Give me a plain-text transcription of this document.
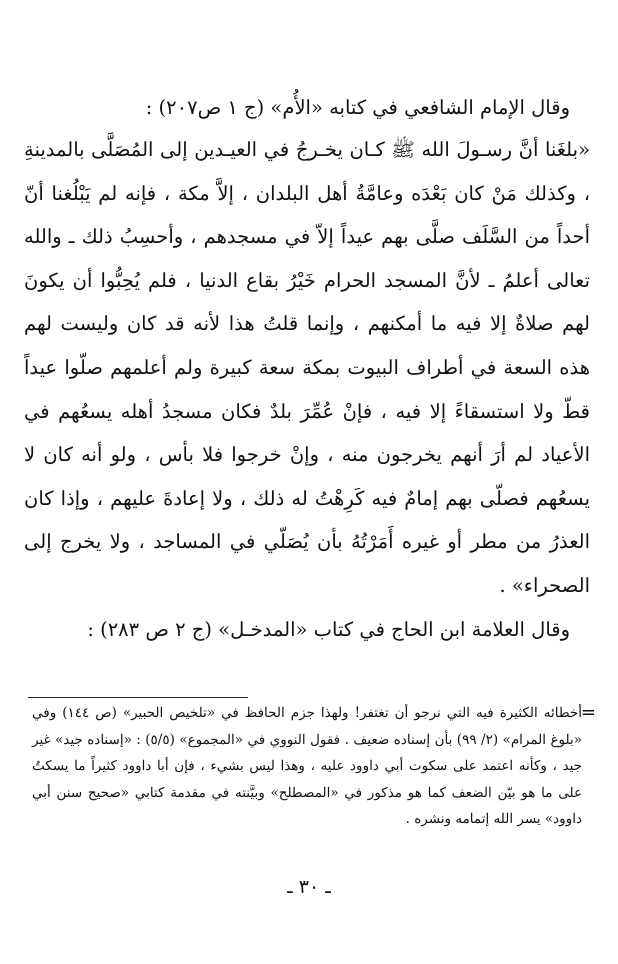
وقال الإمام الشافعي في كتابه «الأُم» (ج ١ ص٢٠٧) :

«بلغَنا أنَّ رسـولَ الله ﷺ كـان يخـرجُ في العيـدين إلى المُصَلَّى بالمدينةِ ، وكذلك مَنْ كان بَعْدَه وعامَّةُ أهل البلدان ، إلاَّ مكة ، فإنه لم يَبْلُغنا أنّ أحداً من السَّلَف صلَّى بهم عيداً إلاّ في مسجدهم ، وأحسِبُ ذلك ـ والله تعالى أعلمُ ـ لأنَّ المسجد الحرام خَيْرُ بقاع الدنيا ، فلم يُحِبُّوا أن يكونَ لهم صلاةٌ إلا فيه ما أمكنهم ، وإنما قلتُ هذا لأنه قد كان وليست لهم هذه السعة في أطراف البيوت بمكة سعة كبيرة ولم أعلمهم صلّوا عيداً قطّ ولا استسقاءً إلا فيه ، فإنْ عُمِّرَ بلدٌ فكان مسجدُ أهله يسعُهم في الأعياد لم أرَ أنهم يخرجون منه ، وإنْ خرجوا فلا بأس ، ولو أنه كان لا يسعُهم فصلّى بهم إمامٌ فيه كَرِهْتُ له ذلك ، ولا إعادةَ عليهم ، وإذا كان العذرُ من مطر أو غيره أَمَرْتُهُ بأن يُصَلّي في المساجد ، ولا يخرج إلى الصحراء» .

وقال العلامة ابن الحاج في كتاب «المدخـل» (ج ٢ ص ٢٨٣) :

=

أخطائه الكثيرة فيه التي نرجو أن تغتفر! ولهذا جزم الحافظ في «تلخيص الحبير» (ص ١٤٤) وفي «بلوغ المرام» (٢/ ٩٩) بأن إسناده ضعيف . فقول النووي في «المجموع» (٥/٥) : «إسناده جيد» غير جيد ، وكأنه اعتمد على سكوت أبي داوود عليه ، وهذا ليس بشيء ، فإن أبا داوود كثيراً ما يسكتُ على ما هو بيّن الضعف كما هو مذكور في «المصطلح» وبيَّنته في مقدمة كتابي «صحيح سنن أبي داوود» يسر الله إتمامه ونشره .

ـ ٣٠ ـ
